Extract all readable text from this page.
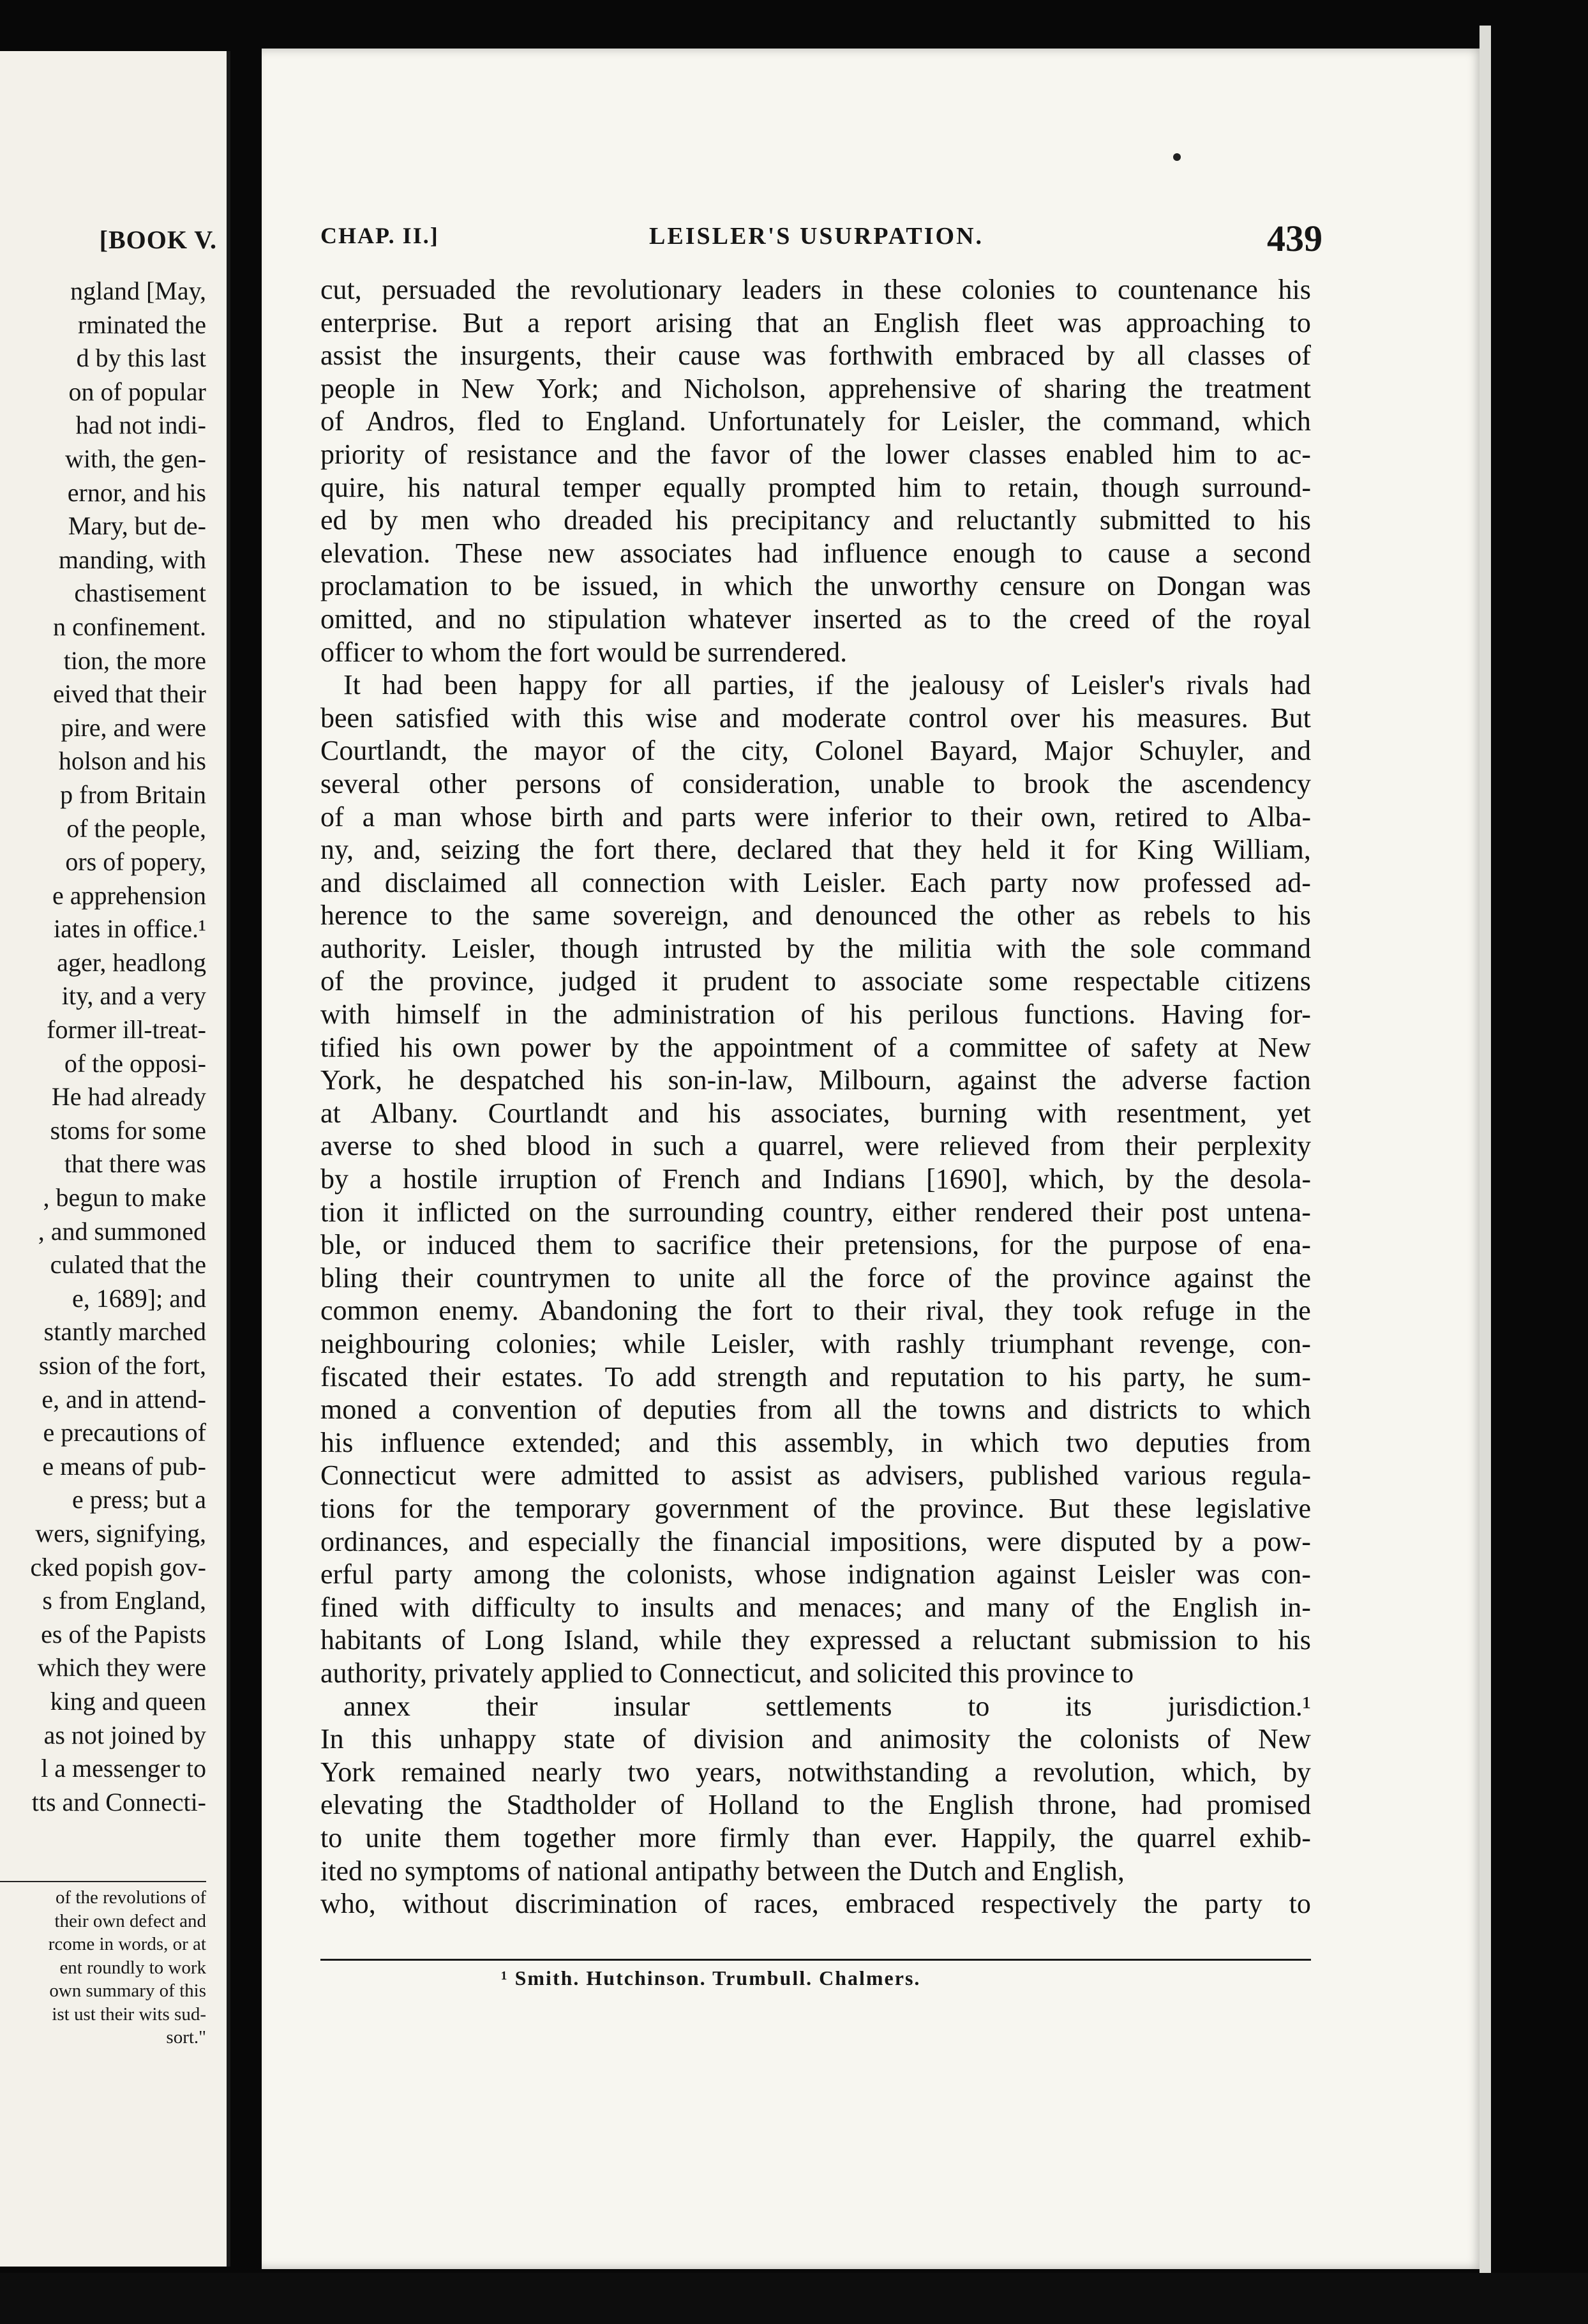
[BOOK V.
ngland [May,
rminated the
d by this last
on of popular
had not indi-
with, the gen-
ernor, and his
Mary, but de-
manding, with
chastisement
n confinement.
tion, the more
eived that their
pire, and were
holson and his
p from Britain
of the people,
ors of popery,
e apprehension
iates in office.¹
ager, headlong
ity, and a very
former ill-treat-
of the opposi-
He had already
stoms for some
that there was
, begun to make
, and summoned
culated that the
e, 1689]; and
stantly marched
ssion of the fort,
e, and in attend-
e precautions of
e means of pub-
e press; but a
wers, signifying,
cked popish gov-
s from England,
es of the Papists
which they were
king and queen
as not joined by
l a messenger to
tts and Connecti-
of the revolutions of
their own defect and
rcome in words, or at
ent roundly to work
own summary of this
ist ust their wits sud-
sort."
CHAP. II.]	LEISLER'S USURPATION.	439
cut, persuaded the revolutionary leaders in these colonies to countenance his
enterprise. But a report arising that an English fleet was approaching to
assist the insurgents, their cause was forthwith embraced by all classes of
people in New York; and Nicholson, apprehensive of sharing the treatment
of Andros, fled to England. Unfortunately for Leisler, the command, which
priority of resistance and the favor of the lower classes enabled him to ac-
quire, his natural temper equally prompted him to retain, though surround-
ed by men who dreaded his precipitancy and reluctantly submitted to his
elevation. These new associates had influence enough to cause a second
proclamation to be issued, in which the unworthy censure on Dongan was
omitted, and no stipulation whatever inserted as to the creed of the royal
officer to whom the fort would be surrendered.
It had been happy for all parties, if the jealousy of Leisler's rivals had
been satisfied with this wise and moderate control over his measures. But
Courtlandt, the mayor of the city, Colonel Bayard, Major Schuyler, and
several other persons of consideration, unable to brook the ascendency
of a man whose birth and parts were inferior to their own, retired to Alba-
ny, and, seizing the fort there, declared that they held it for King William,
and disclaimed all connection with Leisler. Each party now professed ad-
herence to the same sovereign, and denounced the other as rebels to his
authority. Leisler, though intrusted by the militia with the sole command
of the province, judged it prudent to associate some respectable citizens
with himself in the administration of his perilous functions. Having for-
tified his own power by the appointment of a committee of safety at New
York, he despatched his son-in-law, Milbourn, against the adverse faction
at Albany. Courtlandt and his associates, burning with resentment, yet
averse to shed blood in such a quarrel, were relieved from their perplexity
by a hostile irruption of French and Indians [1690], which, by the desola-
tion it inflicted on the surrounding country, either rendered their post untena-
ble, or induced them to sacrifice their pretensions, for the purpose of ena-
bling their countrymen to unite all the force of the province against the
common enemy. Abandoning the fort to their rival, they took refuge in the
neighbouring colonies; while Leisler, with rashly triumphant revenge, con-
fiscated their estates. To add strength and reputation to his party, he sum-
moned a convention of deputies from all the towns and districts to which
his influence extended; and this assembly, in which two deputies from
Connecticut were admitted to assist as advisers, published various regula-
tions for the temporary government of the province. But these legislative
ordinances, and especially the financial impositions, were disputed by a pow-
erful party among the colonists, whose indignation against Leisler was con-
fined with difficulty to insults and menaces; and many of the English in-
habitants of Long Island, while they expressed a reluctant submission to his
authority, privately applied to Connecticut, and solicited this province to
annex	their	insular	settlements	to	its	jurisdiction.¹
In this unhappy state of division and animosity the colonists of New
York remained nearly two years, notwithstanding a revolution, which, by
elevating the Stadtholder of Holland to the English throne, had promised
to unite them together more firmly than ever. Happily, the quarrel exhib-
ited no symptoms of national antipathy between the Dutch and English,
who, without discrimination of races, embraced respectively the party to
¹ Smith. Hutchinson. Trumbull. Chalmers.
